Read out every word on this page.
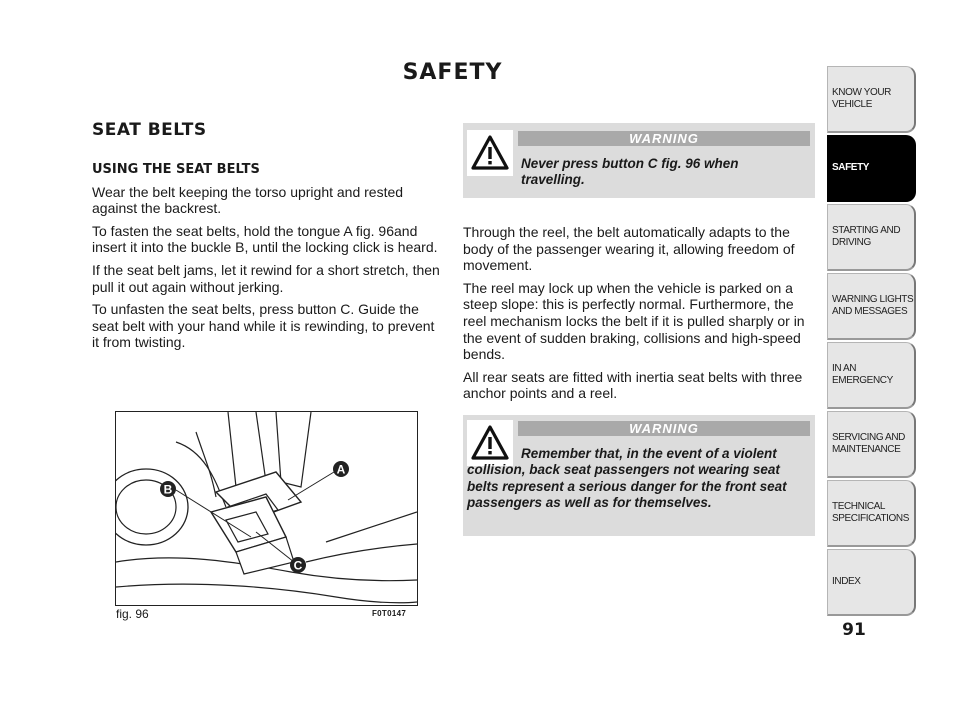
SAFETY
SEAT BELTS
USING THE SEAT BELTS

Wear the belt keeping the torso upright and rested against the backrest.

To fasten the seat belts, hold the tongue A fig. 96and insert it into the buckle B, until the locking click is heard.

If the seat belt jams, let it rewind for a short stretch, then pull it out again without jerking.

To unfasten the seat belts, press button C. Guide the seat belt with your hand while it is rewinding, to prevent it from twisting.

WARNING
Never press button C fig. 96 when travelling.

Through the reel, the belt automatically adapts to the body of the passenger wearing it, allowing freedom of movement.

The reel may lock up when the vehicle is parked on a steep slope: this is perfectly normal. Furthermore, the reel mechanism locks the belt if it is pulled sharply or in the event of sudden braking, collisions and high-speed bends.

All rear seats are fitted with inertia seat belts with three anchor points and a reel.

WARNING
Remember that, in the event of a violent collision, back seat passengers not wearing seat belts represent a serious danger for the front seat passengers as well as for themselves.
B
A
C
fig. 96	F0T0147
KNOW YOUR VEHICLE
SAFETY
STARTING AND DRIVING
WARNING LIGHTS AND MESSAGES
IN AN EMERGENCY
SERVICING AND MAINTENANCE
TECHNICAL SPECIFICATIONS
INDEX
91
